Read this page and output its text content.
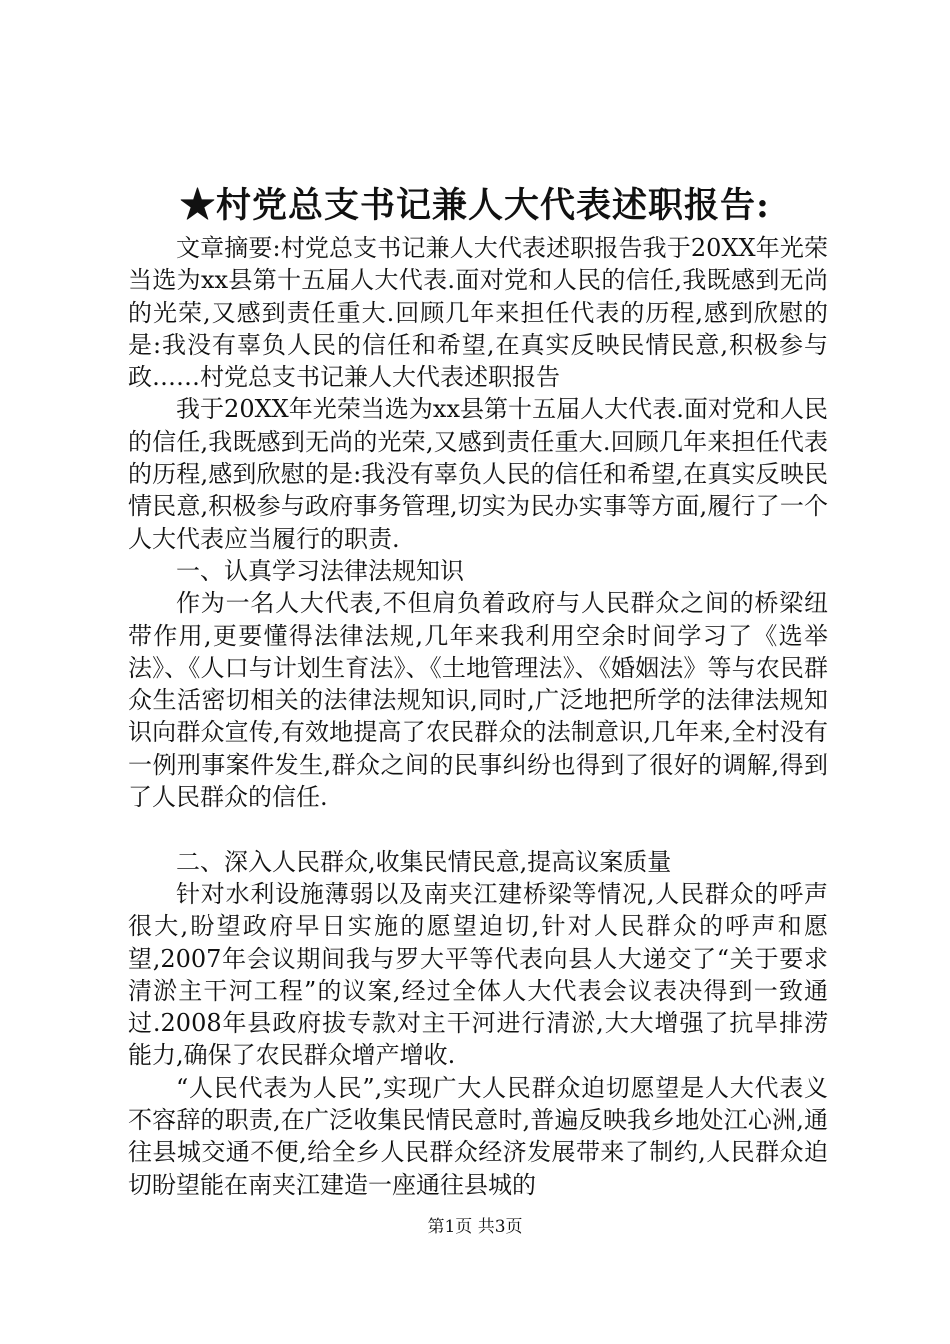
★村党总支书记兼人大代表述职报告:

文章摘要:村党总支书记兼人大代表述职报告我于20XX年光荣当选为xx县第十五届人大代表.面对党和人民的信任,我既感到无尚的光荣,又感到责任重大.回顾几年来担任代表的历程,感到欣慰的是:我没有辜负人民的信任和希望,在真实反映民情民意,积极参与政……村党总支书记兼人大代表述职报告

我于20XX年光荣当选为xx县第十五届人大代表.面对党和人民的信任,我既感到无尚的光荣,又感到责任重大.回顾几年来担任代表的历程,感到欣慰的是:我没有辜负人民的信任和希望,在真实反映民情民意,积极参与政府事务管理,切实为民办实事等方面,履行了一个人大代表应当履行的职责.

一、认真学习法律法规知识

作为一名人大代表,不但肩负着政府与人民群众之间的桥梁纽带作用,更要懂得法律法规,几年来我利用空余时间学习了《选举法》、《人口与计划生育法》、《土地管理法》、《婚姻法》等与农民群众生活密切相关的法律法规知识,同时,广泛地把所学的法律法规知识向群众宣传,有效地提高了农民群众的法制意识,几年来,全村没有一例刑事案件发生,群众之间的民事纠纷也得到了很好的调解,得到了人民群众的信任.

二、深入人民群众,收集民情民意,提高议案质量

针对水利设施薄弱以及南夹江建桥梁等情况,人民群众的呼声很大,盼望政府早日实施的愿望迫切,针对人民群众的呼声和愿望,2007年会议期间我与罗大平等代表向县人大递交了“关于要求清淤主干河工程”的议案,经过全体人大代表会议表决得到一致通过.2008年县政府拔专款对主干河进行清淤,大大增强了抗旱排涝能力,确保了农民群众增产增收.

“人民代表为人民”,实现广大人民群众迫切愿望是人大代表义不容辞的职责,在广泛收集民情民意时,普遍反映我乡地处江心洲,通往县城交通不便,给全乡人民群众经济发展带来了制约,人民群众迫切盼望能在南夹江建造一座通往县城的

第1页 共3页
